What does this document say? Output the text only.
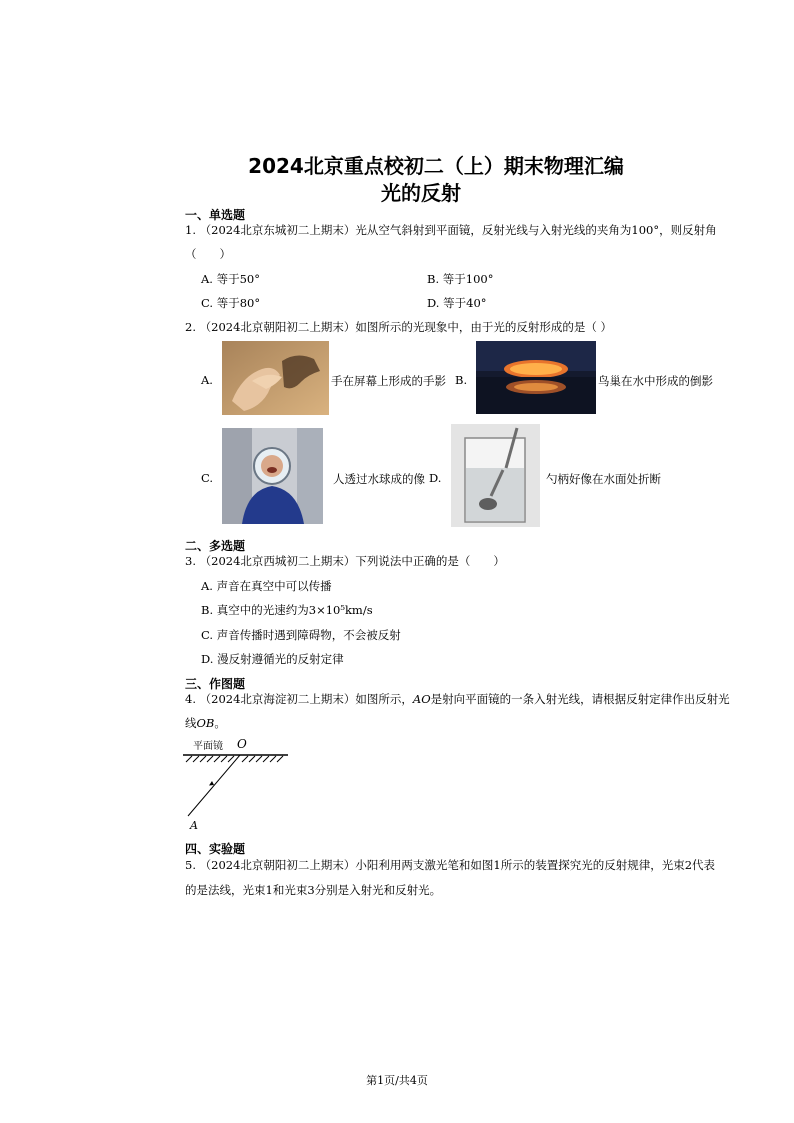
2024北京重点校初二（上）期末物理汇编
光的反射
一、单选题
1. （2024北京东城初二上期末）光从空气斜射到平面镜，反射光线与入射光线的夹角为100°，则反射角
（　　）
A. 等于50°	B. 等于100°
C. 等于80°	D. 等于40°
2. （2024北京朝阳初二上期末）如图所示的光现象中，由于光的反射形成的是（ ）
A.	手在屏幕上形成的手影 B.	鸟巢在水中形成的倒影
C.	人透过水球成的像 D.	勺柄好像在水面处折断
二、多选题
3. （2024北京西城初二上期末）下列说法中正确的是（　　）
A. 声音在真空中可以传播
B. 真空中的光速约为3×10⁵km/s
C. 声音传播时遇到障碍物，不会被反射
D. 漫反射遵循光的反射定律
三、作图题
4. （2024北京海淀初二上期末）如图所示，AO是射向平面镜的一条入射光线，请根据反射定律作出反射光
线OB。
平面镜 O
A
四、实验题
5. （2024北京朝阳初二上期末）小阳利用两支激光笔和如图1所示的装置探究光的反射规律，光束2代表
的是法线，光束1和光束3分别是入射光和反射光。
第1页/共4页
